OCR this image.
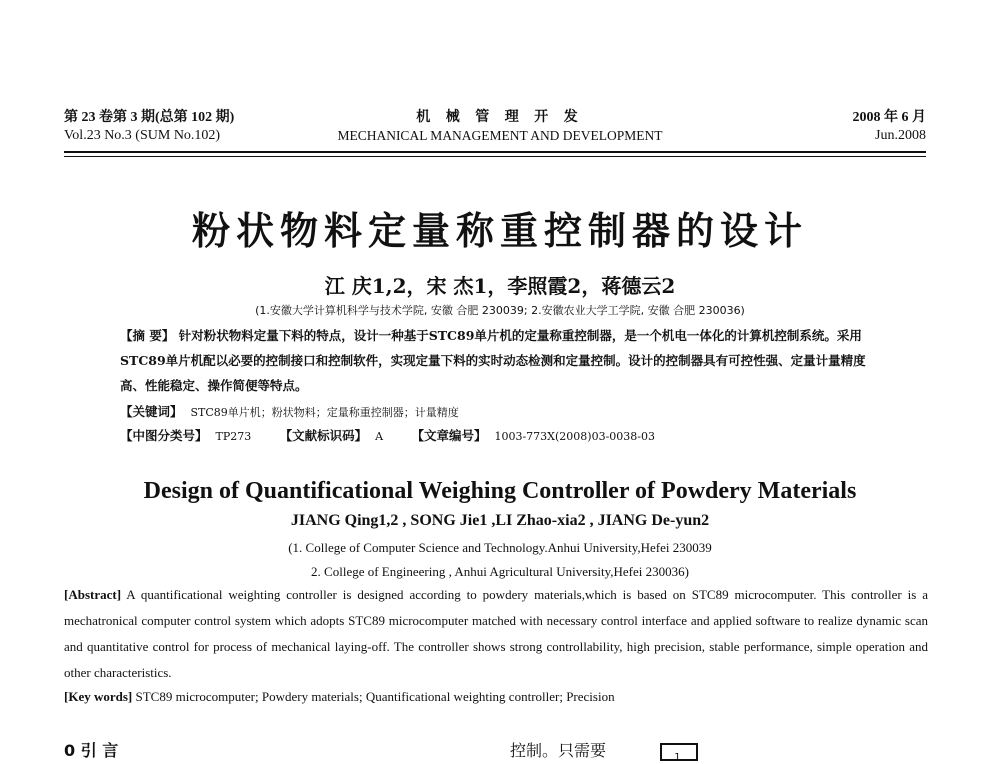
第 23 卷第 3 期(总第 102 期)
Vol.23 No.3 (SUM No.102)
机 械 管 理 开 发
MECHANICAL MANAGEMENT AND DEVELOPMENT
2008 年 6 月
Jun.2008
粉状物料定量称重控制器的设计
江 庆1,2，宋 杰1，李照霞2，蒋德云2
(1.安徽大学计算机科学与技术学院, 安徽 合肥 230039; 2.安徽农业大学工学院, 安徽 合肥 230036)
【摘 要】 针对粉状物料定量下料的特点，设计一种基于STC89单片机的定量称重控制器，是一个机电一体化的计算机控制系统。采用STC89单片机配以必要的控制接口和控制软件，实现定量下料的实时动态检测和定量控制。设计的控制器具有可控性强、定量计量精度高、性能稳定、操作简便等特点。
【关键词】 STC89单片机；粉状物料；定量称重控制器；计量精度
【中图分类号】 TP273 【文献标识码】 A 【文章编号】 1003-773X(2008)03-0038-03
Design of Quantificational Weighing Controller of Powdery Materials
JIANG Qing1,2 , SONG Jie1 ,LI Zhao-xia2 , JIANG De-yun2
(1. College of Computer Science and Technology.Anhui University,Hefei 230039
2. College of Engineering , Anhui Agricultural University,Hefei 230036)
[Abstract] A quantificational weighting controller is designed according to powdery materials,which is based on STC89 microcomputer. This controller is a mechatronical computer control system which adopts STC89 microcomputer matched with necessary control interface and applied software to realize dynamic scan and quantitative control for process of mechanical laying-off. The controller shows strong controllability, high precision, stable performance, simple operation and other characteristics.
[Key words] STC89 microcomputer; Powdery materials; Quantificational weighting controller; Precision
0 引 言	控制。只需要	1
